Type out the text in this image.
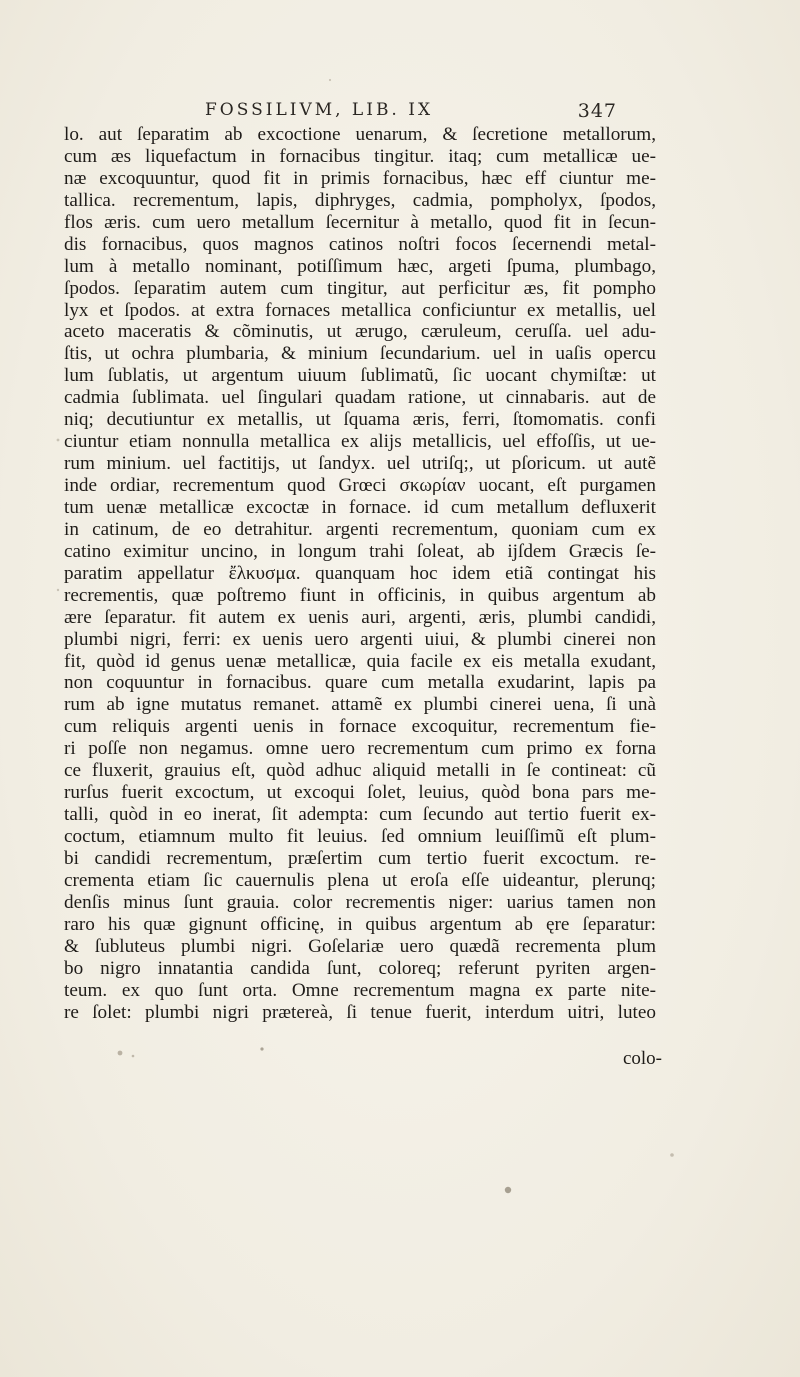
FOSSILIVM, LIB. IX	347
lo. aut ſeparatim ab excoctione uenarum, & ſecretione metallorum,
cum æs liquefactum in fornacibus tingitur. itaq; cum metallicæ ue-
næ excoquuntur, quod fit in primis fornacibus, hæc eff ciuntur me-
tallica. recrementum, lapis, diphryges, cadmia, pompholyx, ſpodos,
flos æris. cum uero metallum ſecernitur à metallo, quod fit in ſecun-
dis fornacibus, quos magnos catinos noſtri focos ſecernendi metal-
lum à metallo nominant, potiſſimum hæc, argeti ſpuma, plumbago,
ſpodos. ſeparatim autem cum tingitur, aut perficitur æs, fit pompho
lyx et ſpodos. at extra fornaces metallica conficiuntur ex metallis, uel
aceto maceratis & cõminutis, ut ærugo, cæruleum, ceruſſa. uel adu-
ſtis, ut ochra plumbaria, & minium ſecundarium. uel in uaſis opercu
lum ſublatis, ut argentum uiuum ſublimatũ, ſic uocant chymiſtæ: ut
cadmia ſublimata. uel ſingulari quadam ratione, ut cinnabaris. aut de
niq; decutiuntur ex metallis, ut ſquama æris, ferri, ſtomomatis. confi
ciuntur etiam nonnulla metallica ex alijs metallicis, uel effoſſis, ut ue-
rum minium. uel factitijs, ut ſandyx. uel utriſq;, ut pſoricum. ut autẽ
inde ordiar, recrementum quod Grœci σκωρίαν uocant, eſt purgamen
tum uenæ metallicæ excoctæ in fornace. id cum metallum defluxerit
in catinum, de eo detrahitur. argenti recrementum, quoniam cum ex
catino eximitur uncino, in longum trahi ſoleat, ab ijſdem Græcis ſe-
paratim appellatur ἔλκυσμα. quanquam hoc idem etiã contingat his
recrementis, quæ poſtremo fiunt in officinis, in quibus argentum ab
ære ſeparatur. fit autem ex uenis auri, argenti, æris, plumbi candidi,
plumbi nigri, ferri: ex uenis uero argenti uiui, & plumbi cinerei non
fit, quòd id genus uenæ metallicæ, quia facile ex eis metalla exudant,
non coquuntur in fornacibus. quare cum metalla exudarint, lapis pa
rum ab igne mutatus remanet. attamẽ ex plumbi cinerei uena, ſi unà
cum reliquis argenti uenis in fornace excoquitur, recrementum fie-
ri poſſe non negamus. omne uero recrementum cum primo ex forna
ce fluxerit, grauius eſt, quòd adhuc aliquid metalli in ſe contineat: cũ
rurſus fuerit excoctum, ut excoqui ſolet, leuius, quòd bona pars me-
talli, quòd in eo inerat, ſit adempta: cum ſecundo aut tertio fuerit ex-
coctum, etiamnum multo fit leuius. ſed omnium leuiſſimũ eſt plum-
bi candidi recrementum, præſertim cum tertio fuerit excoctum. re-
crementa etiam ſic cauernulis plena ut eroſa eſſe uideantur, plerunq;
denſis minus ſunt grauia. color recrementis niger: uarius tamen non
raro his quæ gignunt officinę, in quibus argentum ab ęre ſeparatur:
& ſubluteus plumbi nigri. Goſelariæ uero quædã recrementa plum
bo nigro innatantia candida ſunt, coloreq; referunt pyriten argen-
teum. ex quo ſunt orta. Omne recrementum magna ex parte nite-
re ſolet: plumbi nigri prætereà, ſi tenue fuerit, interdum uitri, luteo
colo-
